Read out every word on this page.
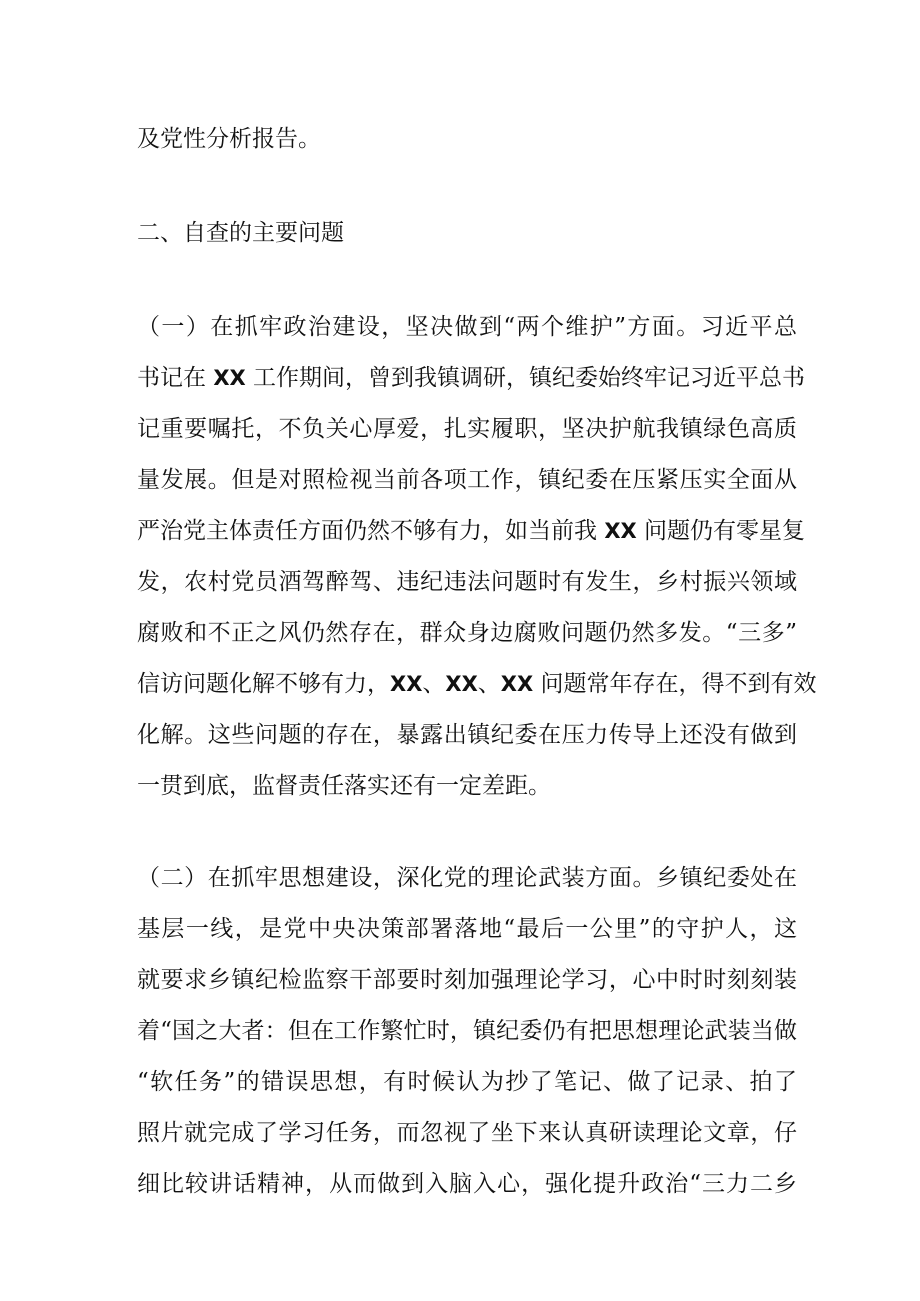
及党性分析报告。
二、自查的主要问题
（一）在抓牢政治建设，坚决做到“两个维护”方面。习近平总
书记在 XX 工作期间，曾到我镇调研，镇纪委始终牢记习近平总书
记重要嘱托，不负关心厚爱，扎实履职，坚决护航我镇绿色高质
量发展。但是对照检视当前各项工作，镇纪委在压紧压实全面从
严治党主体责任方面仍然不够有力，如当前我 XX 问题仍有零星复
发，农村党员酒驾醉驾、违纪违法问题时有发生，乡村振兴领域
腐败和不正之风仍然存在，群众身边腐败问题仍然多发。“三多”
信访问题化解不够有力，XX、XX、XX 问题常年存在，得不到有效
化解。这些问题的存在，暴露出镇纪委在压力传导上还没有做到
一贯到底，监督责任落实还有一定差距。
（二）在抓牢思想建设，深化党的理论武装方面。乡镇纪委处在
基层一线，是党中央决策部署落地“最后一公里”的守护人，这
就要求乡镇纪检监察干部要时刻加强理论学习，心中时时刻刻装
着“国之大者：但在工作繁忙时，镇纪委仍有把思想理论武装当做
“软任务”的错误思想，有时候认为抄了笔记、做了记录、拍了
照片就完成了学习任务，而忽视了坐下来认真研读理论文章，仔
细比较讲话精神，从而做到入脑入心，强化提升政治“三力二乡
